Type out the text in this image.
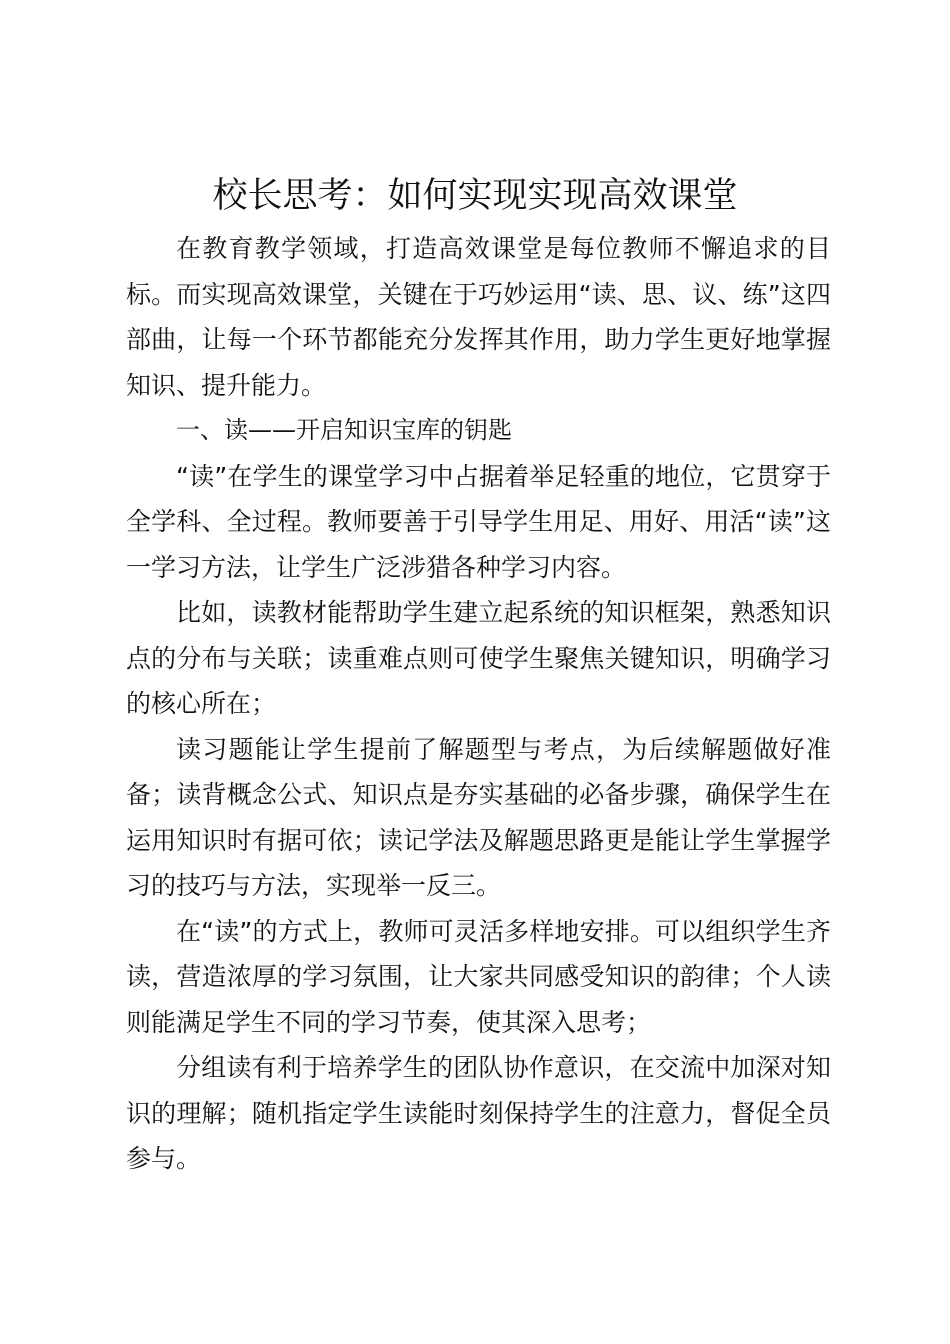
校长思考：如何实现实现高效课堂

在教育教学领域，打造高效课堂是每位教师不懈追求的目标。而实现高效课堂，关键在于巧妙运用“读、思、议、练”这四部曲，让每一个环节都能充分发挥其作用，助力学生更好地掌握知识、提升能力。

一、读——开启知识宝库的钥匙

“读”在学生的课堂学习中占据着举足轻重的地位，它贯穿于全学科、全过程。教师要善于引导学生用足、用好、用活“读”这一学习方法，让学生广泛涉猎各种学习内容。

比如，读教材能帮助学生建立起系统的知识框架，熟悉知识点的分布与关联；读重难点则可使学生聚焦关键知识，明确学习的核心所在；

读习题能让学生提前了解题型与考点，为后续解题做好准备；读背概念公式、知识点是夯实基础的必备步骤，确保学生在运用知识时有据可依；读记学法及解题思路更是能让学生掌握学习的技巧与方法，实现举一反三。

在“读”的方式上，教师可灵活多样地安排。可以组织学生齐读，营造浓厚的学习氛围，让大家共同感受知识的韵律；个人读则能满足学生不同的学习节奏，使其深入思考；

分组读有利于培养学生的团队协作意识，在交流中加深对知识的理解；随机指定学生读能时刻保持学生的注意力，督促全员参与。
